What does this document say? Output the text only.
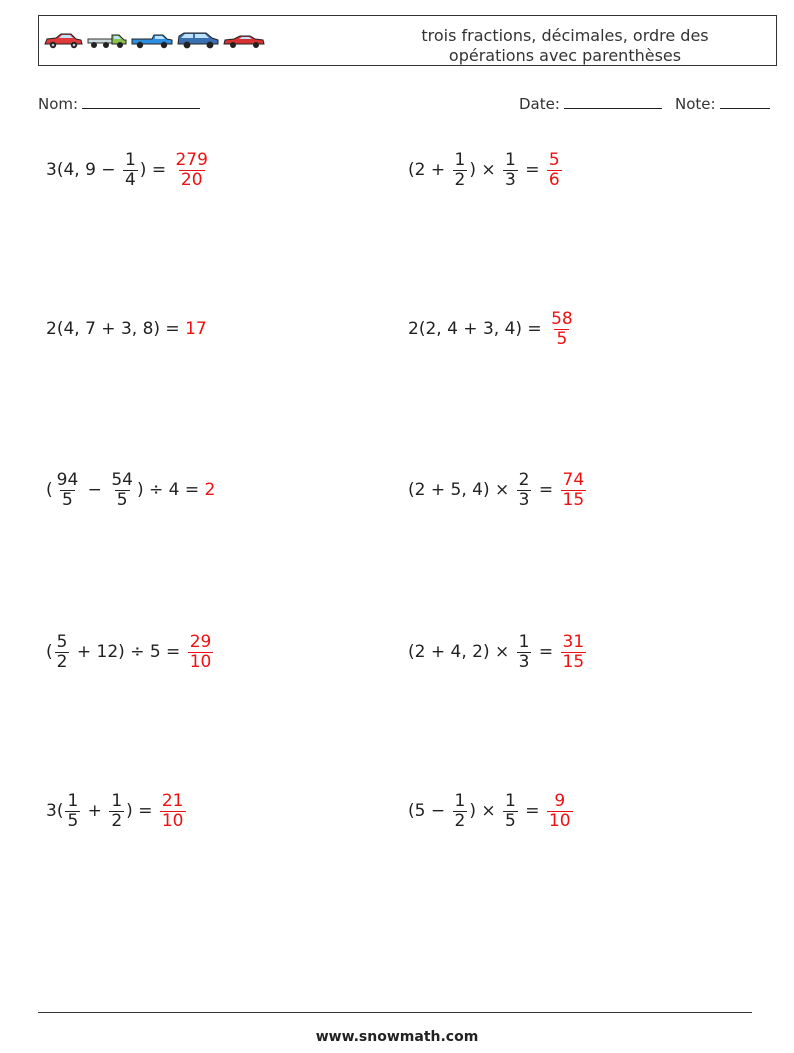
trois fractions, décimales, ordre des
opérations avec parenthèses
Nom:	Date:	Note:
3(4, $9 - \frac{1}{4}$ ) = $\frac{279}{20}$	($2 + \frac{1}{2}$ ) × $\frac{1}{3} = \frac{5}{6}$
2(4, 7 + 3, 8) = 17	2(2, 4 + 3, $4) = \frac{58}{5}$
( $\frac{94}{5} - \frac{54}{5}$ ) ÷ 4 = 2	(2 + 5, $4) \times \frac{2}{3} = \frac{74}{15}$
( $\frac{5}{2} + 12) \div 5 = \frac{29}{10}$	(2 + 4, $2) \times \frac{1}{3} = \frac{31}{15}$
$3( \frac{1}{5} + \frac{1}{2}$ ) = $\frac{21}{10}$	($5 - \frac{1}{2}$ ) × $\frac{1}{5} = \frac{9}{10}$
www.snowmath.com
